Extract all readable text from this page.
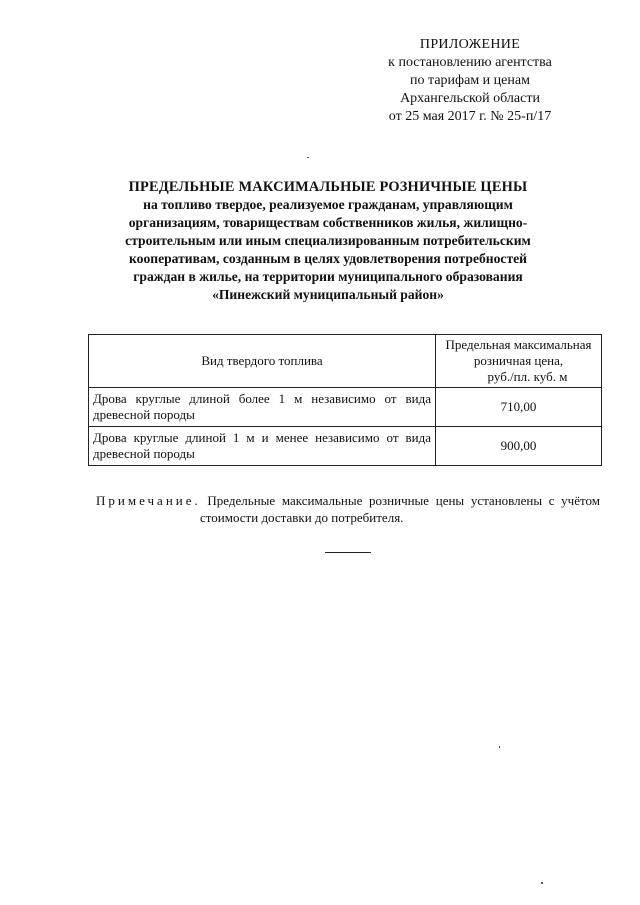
ПРИЛОЖЕНИЕ
к постановлению агентства
по тарифам и ценам
Архангельской области
от 25 мая 2017 г. № 25-п/17
ПРЕДЕЛЬНЫЕ МАКСИМАЛЬНЫЕ РОЗНИЧНЫЕ ЦЕНЫ
на топливо твердое, реализуемое гражданам, управляющим
организациям, товариществам собственников жилья, жилищно-
строительным или иным специализированным потребительским
кооперативам, созданным в целях удовлетворения потребностей
граждан в жилье, на территории муниципального образования
«Пинежский муниципальный район»
Вид твердого топлива	Предельная максимальная
розничная цена,
руб./пл. куб. м

Дрова круглые длиной более 1 м независимо от вида древесной породы	710,00
Дрова круглые длиной 1 м и менее независимо от вида древесной породы	900,00
Примечание. Предельные максимальные розничные цены установлены с учётом
стоимости доставки до потребителя.
